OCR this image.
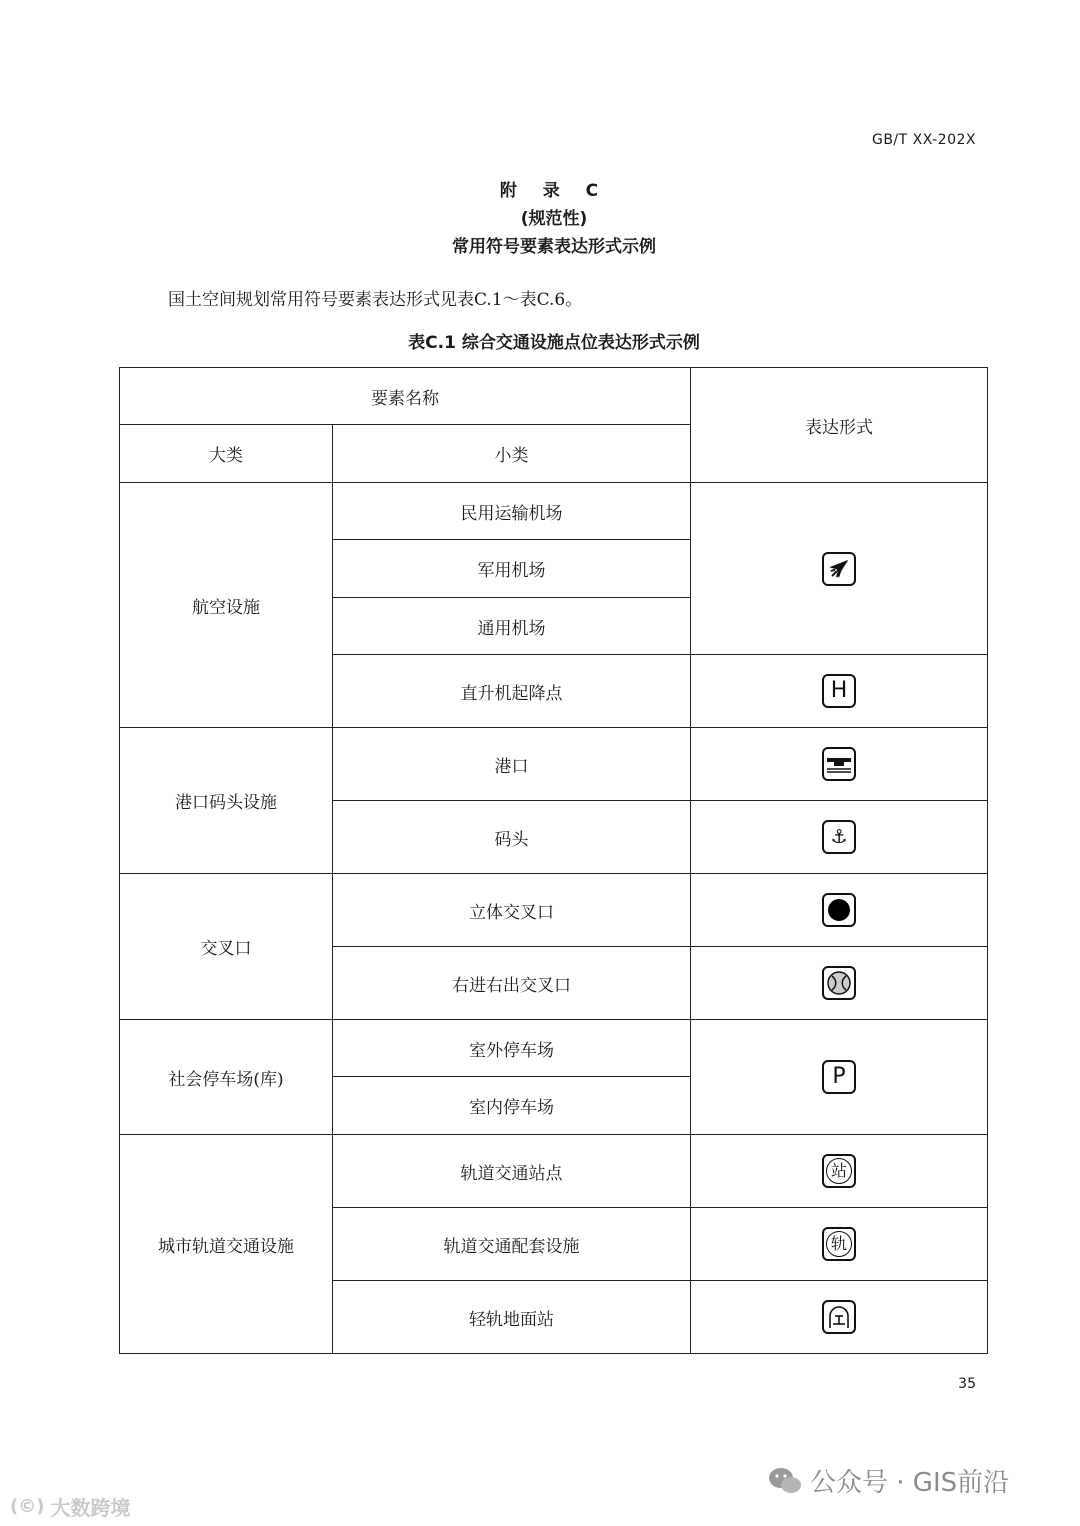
GB/T XX-202X
附 录 C
(规范性)
常用符号要素表达形式示例
国土空间规划常用符号要素表达形式见表C.1～表C.6。
表C.1 综合交通设施点位表达形式示例
要素名称		表达形式
大类	小类	
航空设施	民用运输机场	

	军用机场	
	通用机场	
	直升机起降点	H

港口码头设施	港口	

	码头	⚓

交叉口	立体交叉口	

	右进右出交叉口	

社会停车场(库)	室外停车场	P

	室内停车场	
城市轨道交通设施	轨道交通站点	站

	轨道交通配套设施	轨

	轻轨地面站	
35
公众号 · GIS前沿
(©) 大数跨境
